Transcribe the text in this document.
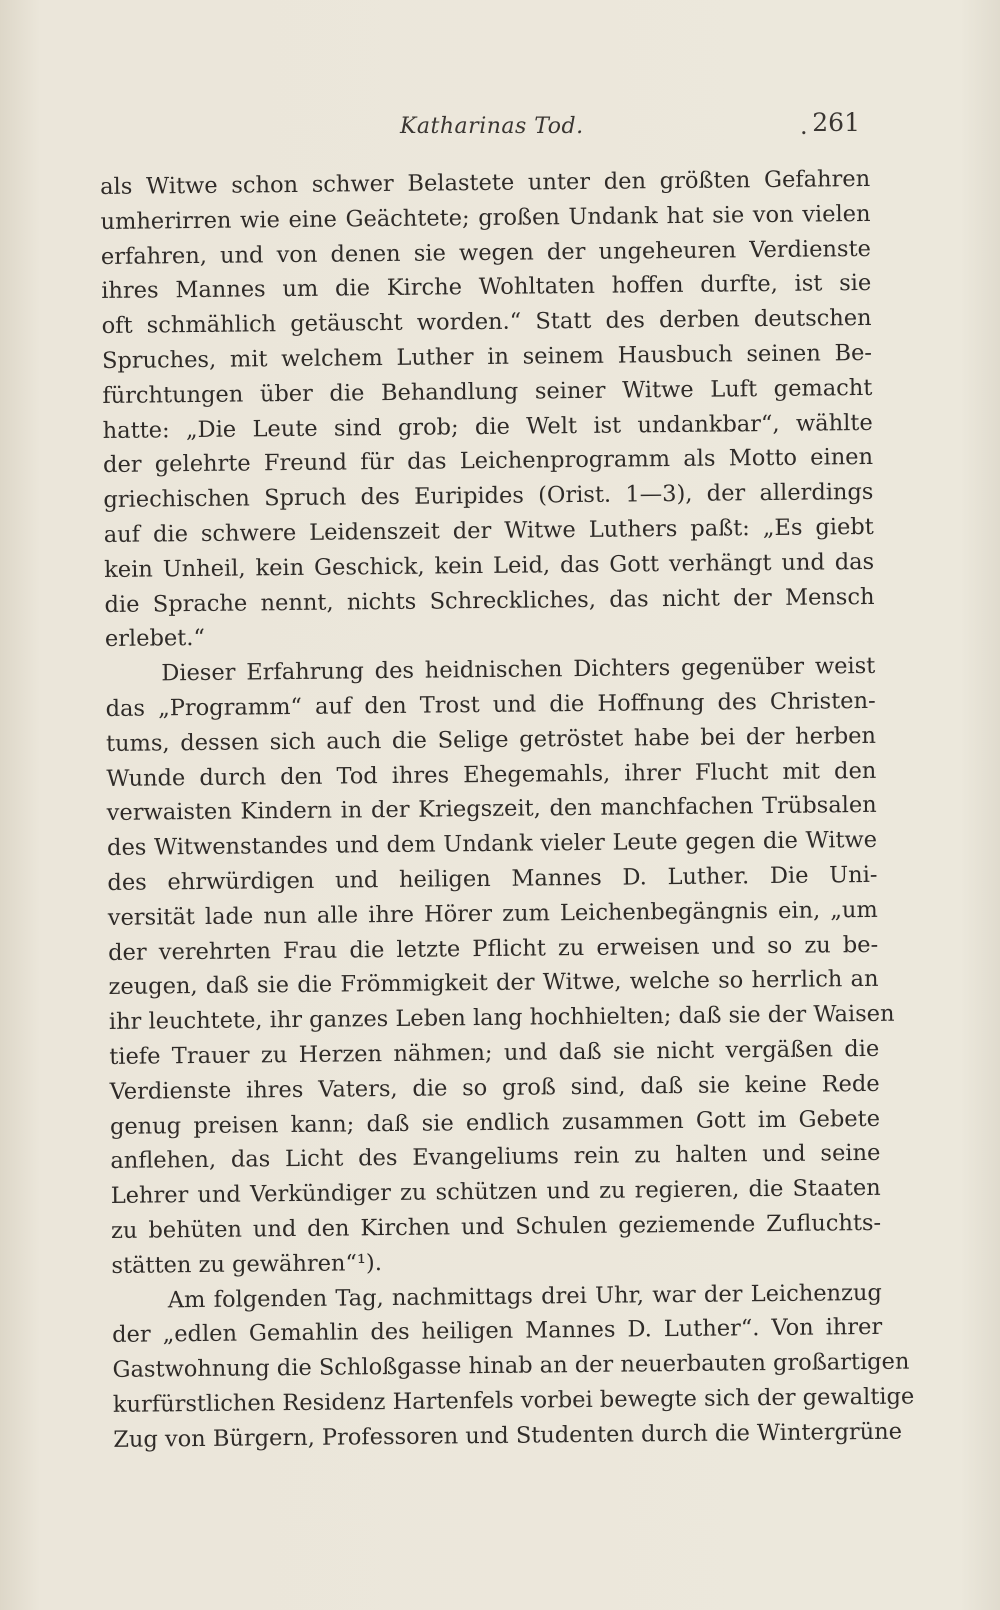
Katharinas Tod.	. 261
als Witwe schon schwer Belastete unter den größten Gefahren
umherirren wie eine Geächtete; großen Undank hat sie von vielen
erfahren, und von denen sie wegen der ungeheuren Verdienste
ihres Mannes um die Kirche Wohltaten hoffen durfte, ist sie
oft schmählich getäuscht worden.“ Statt des derben deutschen
Spruches, mit welchem Luther in seinem Hausbuch seinen Be-
fürchtungen über die Behandlung seiner Witwe Luft gemacht
hatte: „Die Leute sind grob; die Welt ist undankbar“, wählte
der gelehrte Freund für das Leichenprogramm als Motto einen
griechischen Spruch des Euripides (Orist. 1—3), der allerdings
auf die schwere Leidenszeit der Witwe Luthers paßt: „Es giebt
kein Unheil, kein Geschick, kein Leid, das Gott verhängt und das
die Sprache nennt, nichts Schreckliches, das nicht der Mensch
erlebet.“
Dieser Erfahrung des heidnischen Dichters gegenüber weist
das „Programm“ auf den Trost und die Hoffnung des Christen-
tums, dessen sich auch die Selige getröstet habe bei der herben
Wunde durch den Tod ihres Ehegemahls, ihrer Flucht mit den
verwaisten Kindern in der Kriegszeit, den manchfachen Trübsalen
des Witwenstandes und dem Undank vieler Leute gegen die Witwe
des ehrwürdigen und heiligen Mannes D. Luther. Die Uni-
versität lade nun alle ihre Hörer zum Leichenbegängnis ein, „um
der verehrten Frau die letzte Pflicht zu erweisen und so zu be-
zeugen, daß sie die Frömmigkeit der Witwe, welche so herrlich an
ihr leuchtete, ihr ganzes Leben lang hochhielten; daß sie der Waisen
tiefe Trauer zu Herzen nähmen; und daß sie nicht vergäßen die
Verdienste ihres Vaters, die so groß sind, daß sie keine Rede
genug preisen kann; daß sie endlich zusammen Gott im Gebete
anflehen, das Licht des Evangeliums rein zu halten und seine
Lehrer und Verkündiger zu schützen und zu regieren, die Staaten
zu behüten und den Kirchen und Schulen geziemende Zufluchts-
stätten zu gewähren“¹).
Am folgenden Tag, nachmittags drei Uhr, war der Leichenzug
der „edlen Gemahlin des heiligen Mannes D. Luther“. Von ihrer
Gastwohnung die Schloßgasse hinab an der neuerbauten großartigen
kurfürstlichen Residenz Hartenfels vorbei bewegte sich der gewaltige
Zug von Bürgern, Professoren und Studenten durch die Wintergrüne
